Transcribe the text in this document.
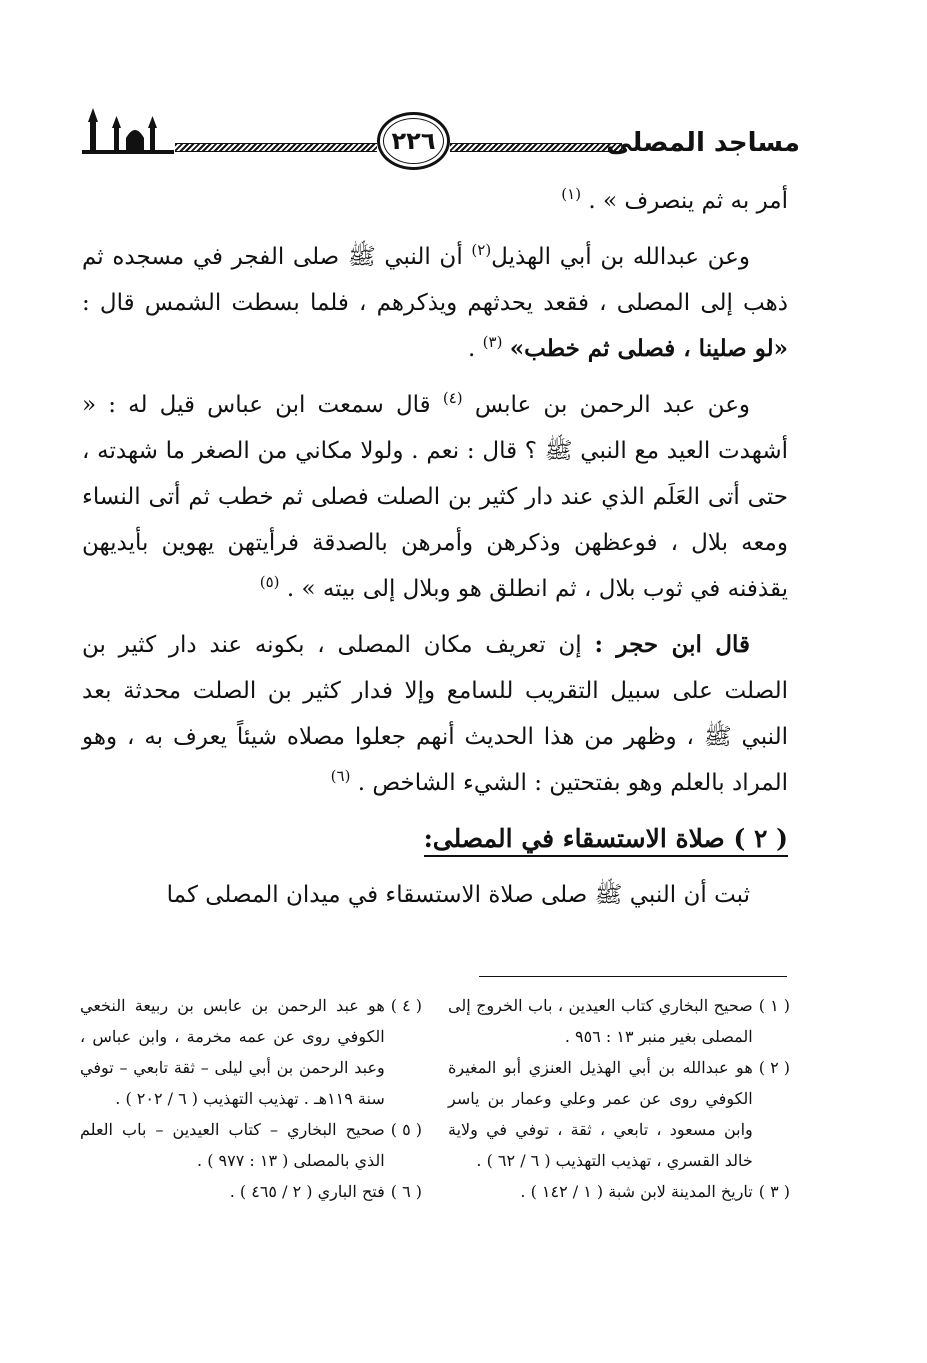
٢٢٦	مساجد المصلى

أمر به ثم ينصرف » . $^{(١)}$

وعن عبدالله بن أبي الهذيل$^{(٢)}$ أن النبي ﷺ صلى الفجر في مسجده ثم ذهب إلى المصلى ، فقعد يحدثهم ويذكرهم ، فلما بسطت الشمس قال : «لو صلينا ، فصلى ثم خطب» $^{(٣)}$ .

وعن عبد الرحمن بن عابس $^{(٤)}$ قال سمعت ابن عباس قيل له : « أشهدت العيد مع النبي ﷺ ؟ قال : نعم . ولولا مكاني من الصغر ما شهدته ، حتى أتى العَلَم الذي عند دار كثير بن الصلت فصلى ثم خطب ثم أتى النساء ومعه بلال ، فوعظهن وذكرهن وأمرهن بالصدقة فرأيتهن يهوين بأيديهن يقذفنه في ثوب بلال ، ثم انطلق هو وبلال إلى بيته » . $^{(٥)}$

قال ابن حجر : إن تعريف مكان المصلى ، بكونه عند دار كثير بن الصلت على سبيل التقريب للسامع وإلا فدار كثير بن الصلت محدثة بعد النبي ﷺ ، وظهر من هذا الحديث أنهم جعلوا مصلاه شيئاً يعرف به ، وهو المراد بالعلم وهو بفتحتين : الشيء الشاخص . $^{(٦)}$

( ٢ ) صلاة الاستسقاء في المصلى:

ثبت أن النبي ﷺ صلى صلاة الاستسقاء في ميدان المصلى كما

( ١ )
صحيح البخاري كتاب العيدين ، باب الخروج إلى المصلى بغير منبر ١٣ : ٩٥٦ .

( ٢ )
هو عبدالله بن أبي الهذيل العنزي أبو المغيرة الكوفي روى عن عمر وعلي وعمار بن ياسر وابن مسعود ، تابعي ، ثقة ، توفي في ولاية خالد القسري ، تهذيب التهذيب ( ٦ / ٦٢ ) .

( ٣ )
تاريخ المدينة لابن شبة ( ١ / ١٤٢ ) .

( ٤ )
هو عبد الرحمن بن عابس بن ربيعة النخعي الكوفي روى عن عمه مخرمة ، وابن عباس ، وعبد الرحمن بن أبي ليلى – ثقة تابعي – توفي سنة ١١٩هـ . تهذيب التهذيب ( ٦ / ٢٠٢ ) .

( ٥ )
صحيح البخاري – كتاب العيدين – باب العلم الذي بالمصلى ( ١٣ : ٩٧٧ ) .

( ٦ )
فتح الباري ( ٢ / ٤٦٥ ) .
